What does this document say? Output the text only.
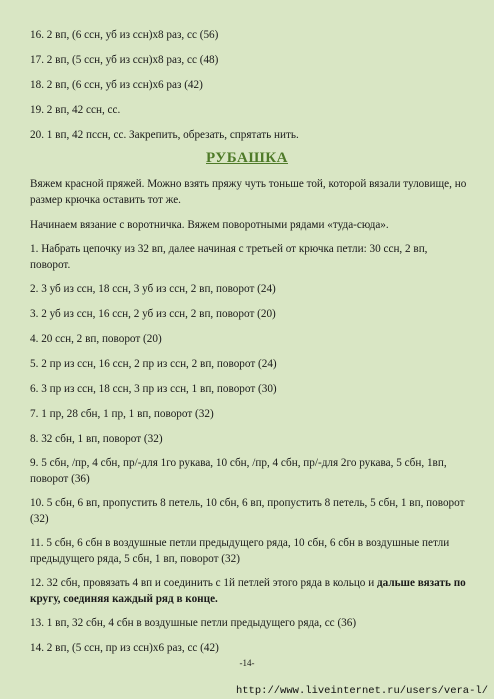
16. 2 вп, (6 ссн, уб из ссн)х8 раз, сс (56)
17. 2 вп, (5 ссн, уб из ссн)х8 раз, сс (48)
18. 2 вп, (6 ссн, уб из ссн)х6 раз (42)
19. 2 вп, 42 ссн, сс.
20. 1 вп, 42 пссн, сс. Закрепить, обрезать, спрятать нить.
РУБАШКА
Вяжем красной пряжей. Можно взять пряжу чуть тоньше той, которой вязали туловище, но размер крючка оставить тот же.
Начинаем вязание с воротничка. Вяжем поворотными рядами «туда-сюда».
1. Набрать цепочку из 32 вп, далее начиная с третьей от крючка петли: 30 ссн, 2 вп, поворот.
2. 3 уб из ссн, 18 ссн, 3 уб из ссн, 2 вп, поворот (24)
3. 2 уб из ссн, 16 ссн, 2 уб из ссн, 2 вп, поворот (20)
4. 20 ссн, 2 вп, поворот (20)
5. 2 пр из ссн, 16 ссн, 2 пр из ссн, 2 вп, поворот (24)
6. 3 пр из ссн, 18 ссн, 3 пр из ссн, 1 вп, поворот (30)
7. 1 пр, 28 сбн, 1 пр, 1 вп, поворот (32)
8. 32 сбн, 1 вп, поворот (32)
9. 5 сбн, /пр, 4 сбн, пр/-для 1го рукава, 10 сбн, /пр, 4 сбн, пр/-для 2го рукава, 5 сбн, 1вп, поворот (36)
10. 5 сбн, 6 вп, пропустить 8 петель, 10 сбн, 6 вп, пропустить 8 петель, 5 сбн, 1 вп, поворот (32)
11. 5 сбн, 6 сбн в воздушные петли предыдущего ряда, 10 сбн, 6 сбн в воздушные петли предыдущего ряда, 5 сбн, 1 вп, поворот (32)
12. 32 сбн, провязать 4 вп и соединить с 1й петлей этого ряда в кольцо и дальше вязать по кругу, соединяя каждый ряд в конце.
13. 1 вп, 32 сбн, 4 сбн в воздушные петли предыдущего ряда, сс (36)
14. 2 вп, (5 ссн, пр из ссн)х6 раз, сс (42)
-14-
http://www.liveinternet.ru/users/vera-l/
